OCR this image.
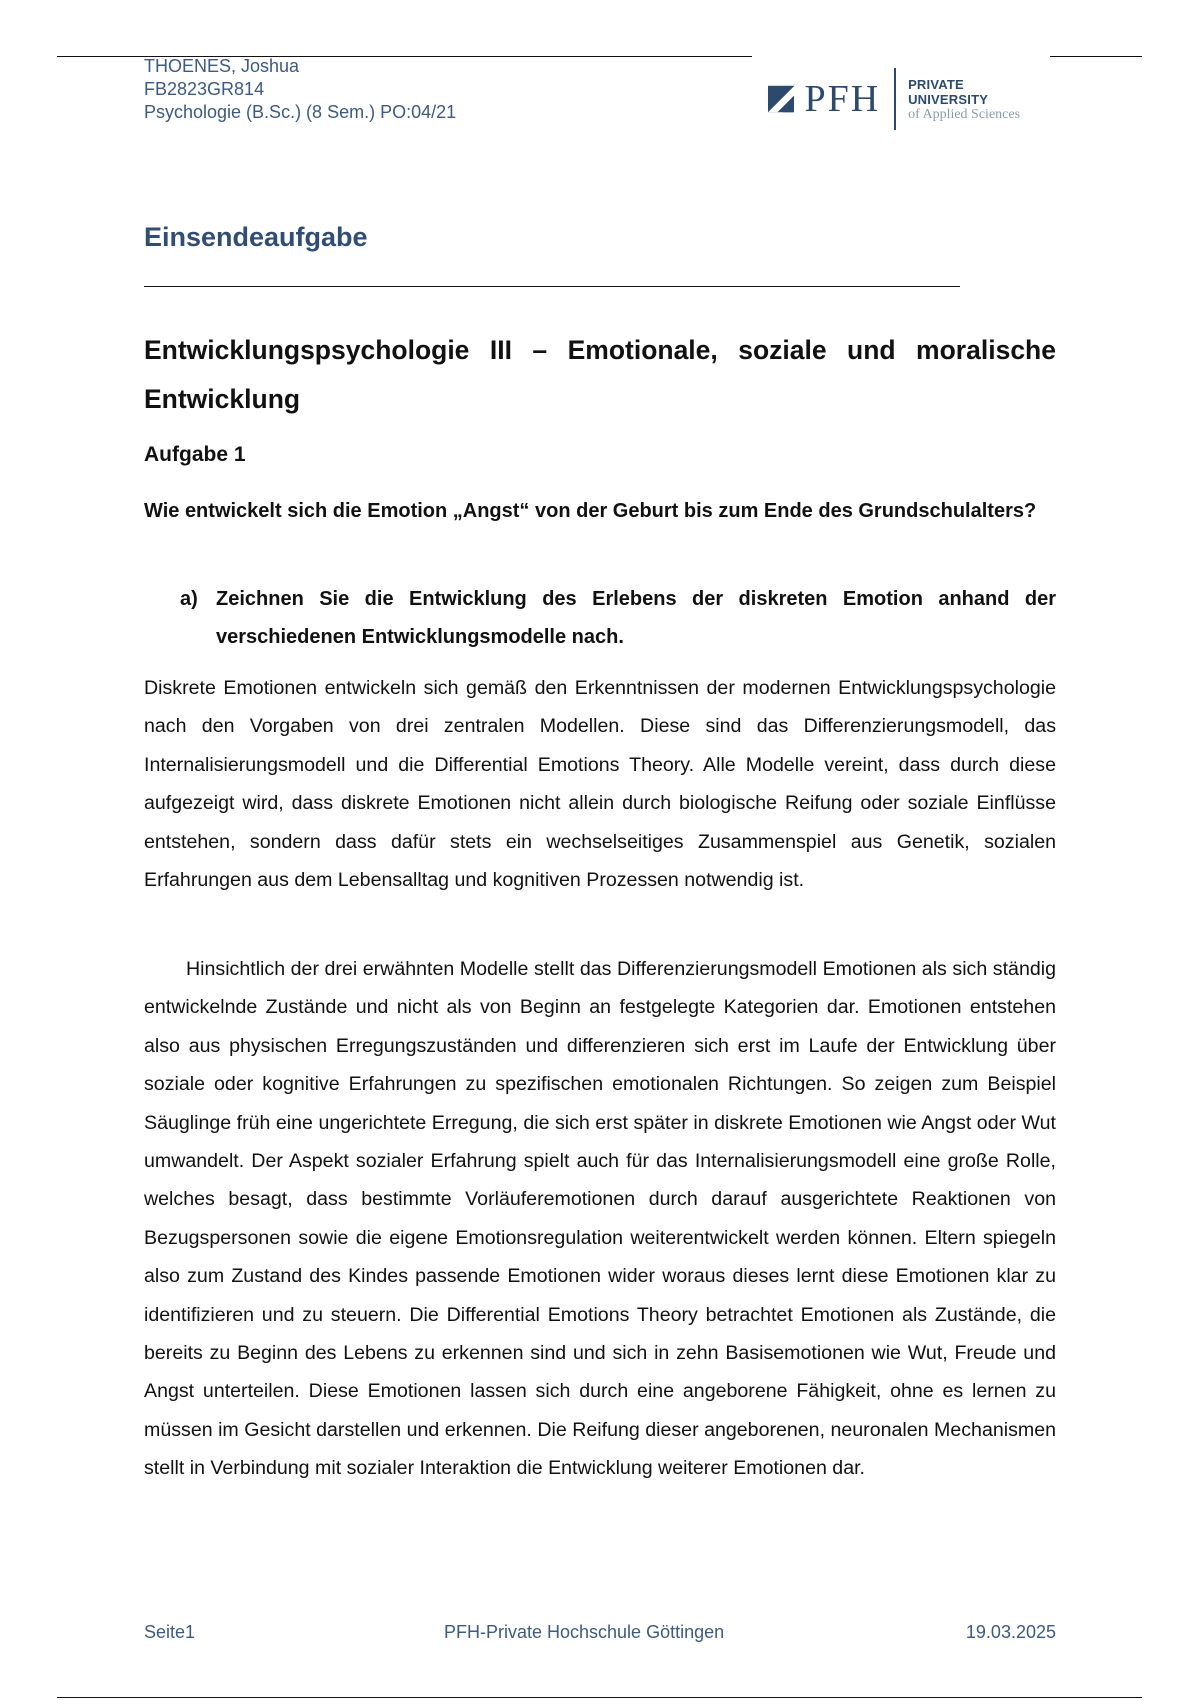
THOENES, Joshua
FB2823GR814
Psychologie (B.Sc.) (8 Sem.) PO:04/21	PFH PRIVATE UNIVERSITY
of Applied Sciences
Einsendeaufgabe
Entwicklungspsychologie III – Emotionale, soziale und moralische Entwicklung
Aufgabe 1
Wie entwickelt sich die Emotion „Angst“ von der Geburt bis zum Ende des Grundschulalters?
a) Zeichnen Sie die Entwicklung des Erlebens der diskreten Emotion anhand der verschiedenen Entwicklungsmodelle nach.
Diskrete Emotionen entwickeln sich gemäß den Erkenntnissen der modernen Entwicklungspsychologie nach den Vorgaben von drei zentralen Modellen. Diese sind das Differenzierungsmodell, das Internalisierungsmodell und die Differential Emotions Theory. Alle Modelle vereint, dass durch diese aufgezeigt wird, dass diskrete Emotionen nicht allein durch biologische Reifung oder soziale Einflüsse entstehen, sondern dass dafür stets ein wechselseitiges Zusammenspiel aus Genetik, sozialen Erfahrungen aus dem Lebensalltag und kognitiven Prozessen notwendig ist.
Hinsichtlich der drei erwähnten Modelle stellt das Differenzierungsmodell Emotionen als sich ständig entwickelnde Zustände und nicht als von Beginn an festgelegte Kategorien dar. Emotionen entstehen also aus physischen Erregungszuständen und differenzieren sich erst im Laufe der Entwicklung über soziale oder kognitive Erfahrungen zu spezifischen emotionalen Richtungen. So zeigen zum Beispiel Säuglinge früh eine ungerichtete Erregung, die sich erst später in diskrete Emotionen wie Angst oder Wut umwandelt. Der Aspekt sozialer Erfahrung spielt auch für das Internalisierungsmodell eine große Rolle, welches besagt, dass bestimmte Vorläuferemotionen durch darauf ausgerichtete Reaktionen von Bezugspersonen sowie die eigene Emotionsregulation weiterentwickelt werden können. Eltern spiegeln also zum Zustand des Kindes passende Emotionen wider woraus dieses lernt diese Emotionen klar zu identifizieren und zu steuern. Die Differential Emotions Theory betrachtet Emotionen als Zustände, die bereits zu Beginn des Lebens zu erkennen sind und sich in zehn Basisemotionen wie Wut, Freude und Angst unterteilen. Diese Emotionen lassen sich durch eine angeborene Fähigkeit, ohne es lernen zu müssen im Gesicht darstellen und erkennen. Die Reifung dieser angeborenen, neuronalen Mechanismen stellt in Verbindung mit sozialer Interaktion die Entwicklung weiterer Emotionen dar.
Seite1	PFH-Private Hochschule Göttingen	19.03.2025
